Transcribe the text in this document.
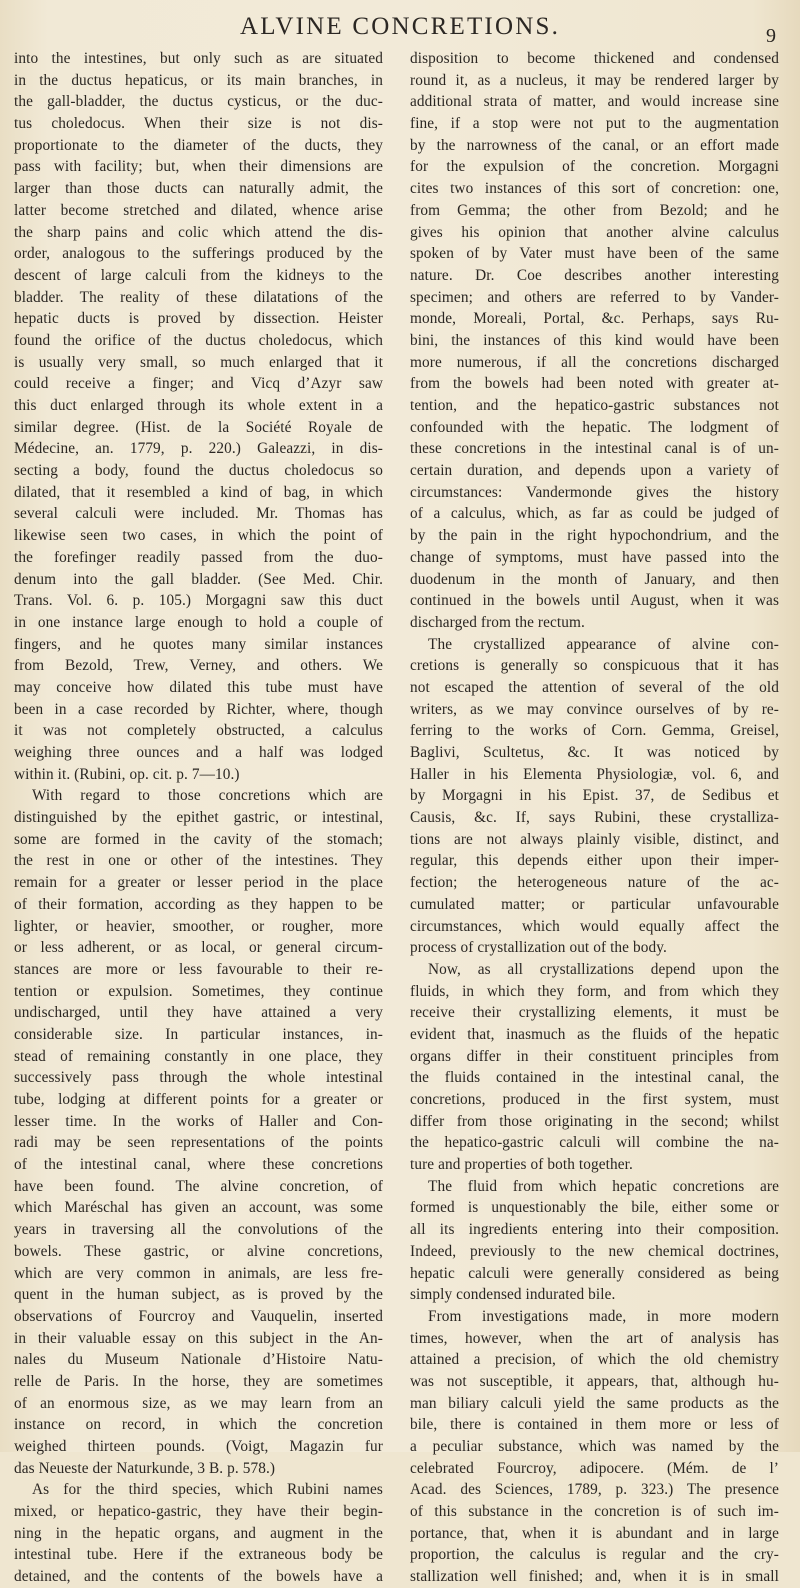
ALVINE CONCRETIONS.	9
into the intestines, but only such as are situated
in the ductus hepaticus, or its main branches, in
the gall-bladder, the ductus cysticus, or the duc-
tus choledocus. When their size is not dis-
proportionate to the diameter of the ducts, they
pass with facility; but, when their dimensions are
larger than those ducts can naturally admit, the
latter become stretched and dilated, whence arise
the sharp pains and colic which attend the dis-
order, analogous to the sufferings produced by the
descent of large calculi from the kidneys to the
bladder. The reality of these dilatations of the
hepatic ducts is proved by dissection. Heister
found the orifice of the ductus choledocus, which
is usually very small, so much enlarged that it
could receive a finger; and Vicq d’Azyr saw
this duct enlarged through its whole extent in a
similar degree. (Hist. de la Société Royale de
Médecine, an. 1779, p. 220.) Galeazzi, in dis-
secting a body, found the ductus choledocus so
dilated, that it resembled a kind of bag, in which
several calculi were included. Mr. Thomas has
likewise seen two cases, in which the point of
the forefinger readily passed from the duo-
denum into the gall bladder. (See Med. Chir.
Trans. Vol. 6. p. 105.) Morgagni saw this duct
in one instance large enough to hold a couple of
fingers, and he quotes many similar instances
from Bezold, Trew, Verney, and others. We
may conceive how dilated this tube must have
been in a case recorded by Richter, where, though
it was not completely obstructed, a calculus
weighing three ounces and a half was lodged
within it. (Rubini, op. cit. p. 7—10.)
With regard to those concretions which are
distinguished by the epithet gastric, or intestinal,
some are formed in the cavity of the stomach;
the rest in one or other of the intestines. They
remain for a greater or lesser period in the place
of their formation, according as they happen to be
lighter, or heavier, smoother, or rougher, more
or less adherent, or as local, or general circum-
stances are more or less favourable to their re-
tention or expulsion. Sometimes, they continue
undischarged, until they have attained a very
considerable size. In particular instances, in-
stead of remaining constantly in one place, they
successively pass through the whole intestinal
tube, lodging at different points for a greater or
lesser time. In the works of Haller and Con-
radi may be seen representations of the points
of the intestinal canal, where these concretions
have been found. The alvine concretion, of
which Maréschal has given an account, was some
years in traversing all the convolutions of the
bowels. These gastric, or alvine concretions,
which are very common in animals, are less fre-
quent in the human subject, as is proved by the
observations of Fourcroy and Vauquelin, inserted
in their valuable essay on this subject in the An-
nales du Museum Nationale d’Histoire Natu-
relle de Paris. In the horse, they are sometimes
of an enormous size, as we may learn from an
instance on record, in which the concretion
weighed thirteen pounds. (Voigt, Magazin fur
das Neueste der Naturkunde, 3 B. p. 578.)
As for the third species, which Rubini names
mixed, or hepatico-gastric, they have their begin-
ning in the hepatic organs, and augment in the
intestinal tube. Here if the extraneous body be
detained, and the contents of the bowels have a
disposition to become thickened and condensed
round it, as a nucleus, it may be rendered larger by
additional strata of matter, and would increase sine
fine, if a stop were not put to the augmentation
by the narrowness of the canal, or an effort made
for the expulsion of the concretion. Morgagni
cites two instances of this sort of concretion: one,
from Gemma; the other from Bezold; and he
gives his opinion that another alvine calculus
spoken of by Vater must have been of the same
nature. Dr. Coe describes another interesting
specimen; and others are referred to by Vander-
monde, Moreali, Portal, &c. Perhaps, says Ru-
bini, the instances of this kind would have been
more numerous, if all the concretions discharged
from the bowels had been noted with greater at-
tention, and the hepatico-gastric substances not
confounded with the hepatic. The lodgment of
these concretions in the intestinal canal is of un-
certain duration, and depends upon a variety of
circumstances: Vandermonde gives the history
of a calculus, which, as far as could be judged of
by the pain in the right hypochondrium, and the
change of symptoms, must have passed into the
duodenum in the month of January, and then
continued in the bowels until August, when it was
discharged from the rectum.
The crystallized appearance of alvine con-
cretions is generally so conspicuous that it has
not escaped the attention of several of the old
writers, as we may convince ourselves of by re-
ferring to the works of Corn. Gemma, Greisel,
Baglivi, Scultetus, &c. It was noticed by
Haller in his Elementa Physiologiæ, vol. 6, and
by Morgagni in his Epist. 37, de Sedibus et
Causis, &c. If, says Rubini, these crystalliza-
tions are not always plainly visible, distinct, and
regular, this depends either upon their imper-
fection; the heterogeneous nature of the ac-
cumulated matter; or particular unfavourable
circumstances, which would equally affect the
process of crystallization out of the body.
Now, as all crystallizations depend upon the
fluids, in which they form, and from which they
receive their crystallizing elements, it must be
evident that, inasmuch as the fluids of the hepatic
organs differ in their constituent principles from
the fluids contained in the intestinal canal, the
concretions, produced in the first system, must
differ from those originating in the second; whilst
the hepatico-gastric calculi will combine the na-
ture and properties of both together.
The fluid from which hepatic concretions are
formed is unquestionably the bile, either some or
all its ingredients entering into their composition.
Indeed, previously to the new chemical doctrines,
hepatic calculi were generally considered as being
simply condensed indurated bile.
From investigations made, in more modern
times, however, when the art of analysis has
attained a precision, of which the old chemistry
was not susceptible, it appears, that, although hu-
man biliary calculi yield the same products as the
bile, there is contained in them more or less of
a peculiar substance, which was named by the
celebrated Fourcroy, adipocere. (Mém. de l’
Acad. des Sciences, 1789, p. 323.) The presence
of this substance in the concretion is of such im-
portance, that, when it is abundant and in large
proportion, the calculus is regular and the cry-
stallization well finished; and, when it is in small
